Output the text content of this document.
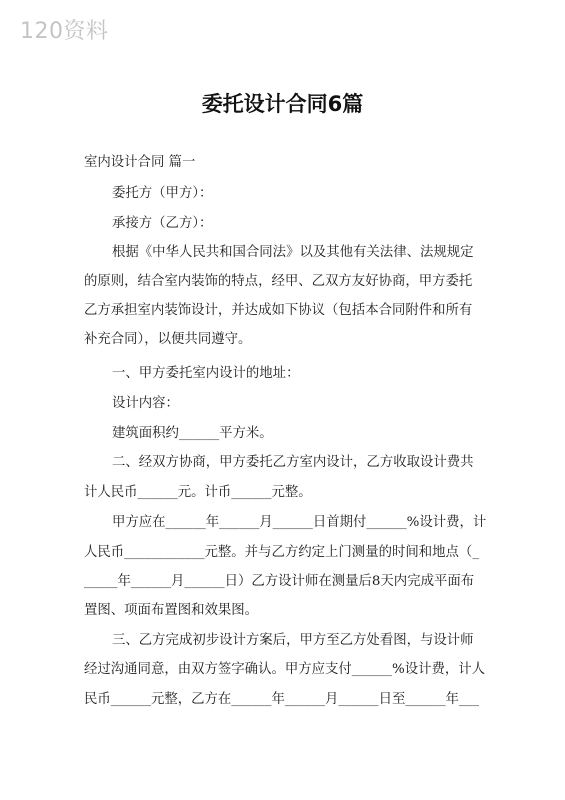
120资料
委托设计合同6篇
室内设计合同 篇一
委托方（甲方）：
承接方（乙方）：
根据《中华人民共和国合同法》以及其他有关法律、法规规定
的原则，结合室内装饰的特点，经甲、乙双方友好协商，甲方委托
乙方承担室内装饰设计，并达成如下协议（包括本合同附件和所有
补充合同），以便共同遵守。
一、甲方委托室内设计的地址：
设计内容：
建筑面积约______平方米。
二、经双方协商，甲方委托乙方室内设计，乙方收取设计费共
计人民币______元。计币______元整。
甲方应在______年______月______日首期付______%设计费，计
人民币____________元整。并与乙方约定上门测量的时间和地点（_
_____年______月______日）乙方设计师在测量后8天内完成平面布
置图、项面布置图和效果图。
三、乙方完成初步设计方案后，甲方至乙方处看图，与设计师
经过沟通同意，由双方签字确认。甲方应支付______%设计费，计人
民币______元整，乙方在______年______月______日至______年___
